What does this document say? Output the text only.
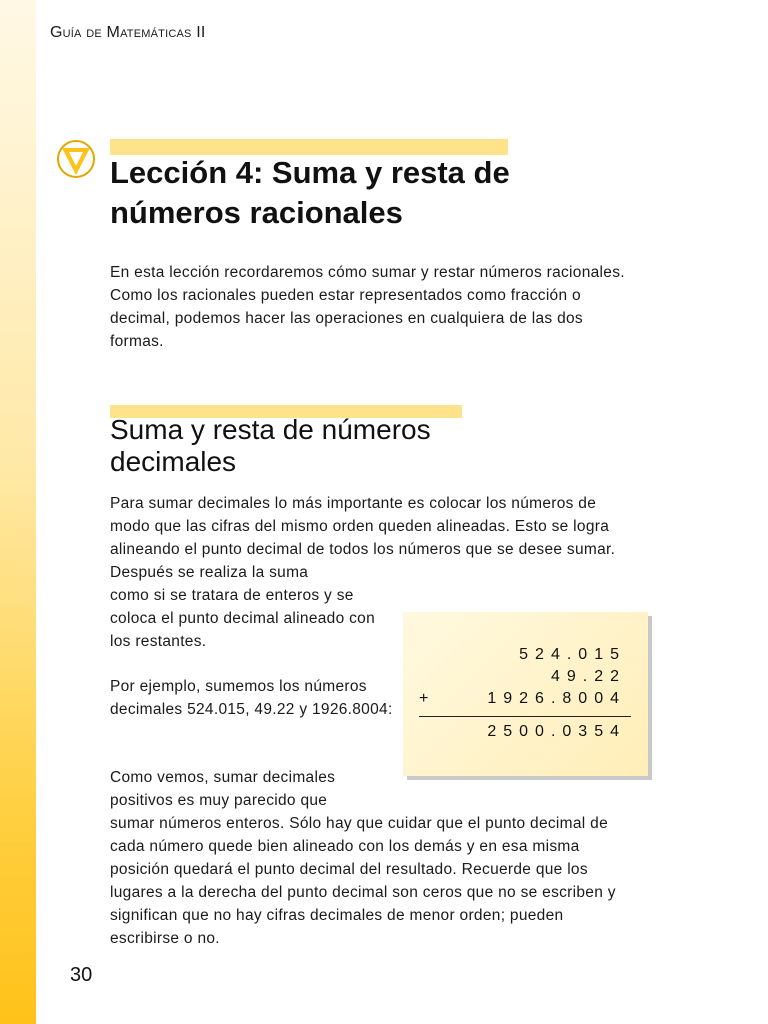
Guía de Matemáticas II
Lección 4: Suma y resta de números racionales

En esta lección recordaremos cómo sumar y restar números racionales. Como los racionales pueden estar representados como fracción o decimal, podemos hacer las operaciones en cualquiera de las dos formas.

Suma y resta de números decimales

Para sumar decimales lo más importante es colocar los números de modo que las cifras del mismo orden queden alineadas. Esto se logra alineando el punto decimal de todos los números que se desee sumar. Después se realiza la suma

como si se tratara de enteros y se coloca el punto decimal alineado con los restantes.

Por ejemplo, sumemos los números decimales 524.015, 49.22 y 1926.8004:

Como vemos, sumar decimales positivos es muy parecido que

sumar números enteros. Sólo hay que cuidar que el punto decimal de cada número quede bien alineado con los demás y en esa misma posición quedará el punto decimal del resultado. Recuerde que los lugares a la derecha del punto decimal son ceros que no se escriben y significan que no hay cifras decimales de menor orden; pueden escribirse o no.

524.015
49.22
+	1926.8004
2500.0354
30
